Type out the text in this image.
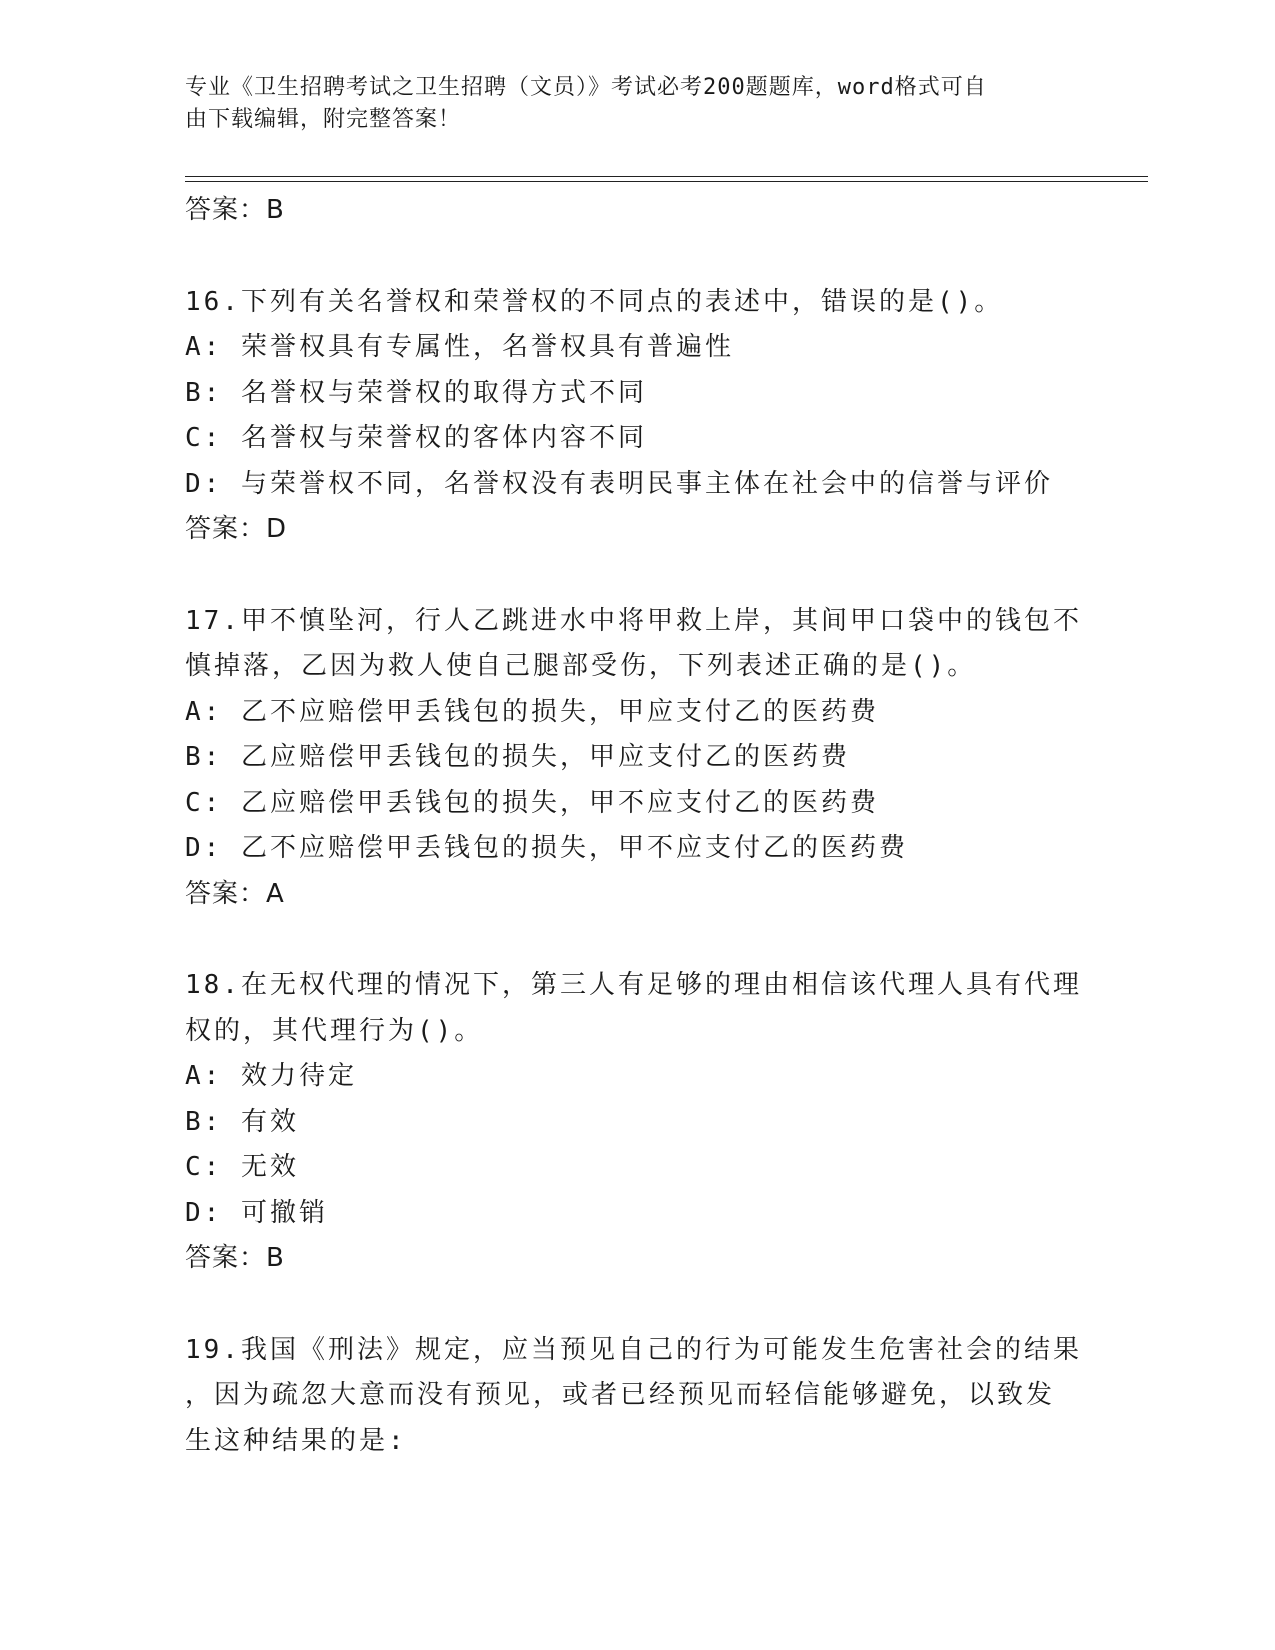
专业《卫生招聘考试之卫生招聘（文员）》考试必考200题题库，word格式可自
由下载编辑，附完整答案！
答案：B
16.下列有关名誉权和荣誉权的不同点的表述中，错误的是()。
A: 荣誉权具有专属性，名誉权具有普遍性
B: 名誉权与荣誉权的取得方式不同
C: 名誉权与荣誉权的客体内容不同
D: 与荣誉权不同，名誉权没有表明民事主体在社会中的信誉与评价
答案：D
17.甲不慎坠河，行人乙跳进水中将甲救上岸，其间甲口袋中的钱包不
慎掉落，乙因为救人使自己腿部受伤，下列表述正确的是()。
A: 乙不应赔偿甲丢钱包的损失，甲应支付乙的医药费
B: 乙应赔偿甲丢钱包的损失，甲应支付乙的医药费
C: 乙应赔偿甲丢钱包的损失，甲不应支付乙的医药费
D: 乙不应赔偿甲丢钱包的损失，甲不应支付乙的医药费
答案：A
18.在无权代理的情况下，第三人有足够的理由相信该代理人具有代理
权的，其代理行为()。
A: 效力待定
B: 有效
C: 无效
D: 可撤销
答案：B
19.我国《刑法》规定，应当预见自己的行为可能发生危害社会的结果
，因为疏忽大意而没有预见，或者已经预见而轻信能够避免，以致发
生这种结果的是:
